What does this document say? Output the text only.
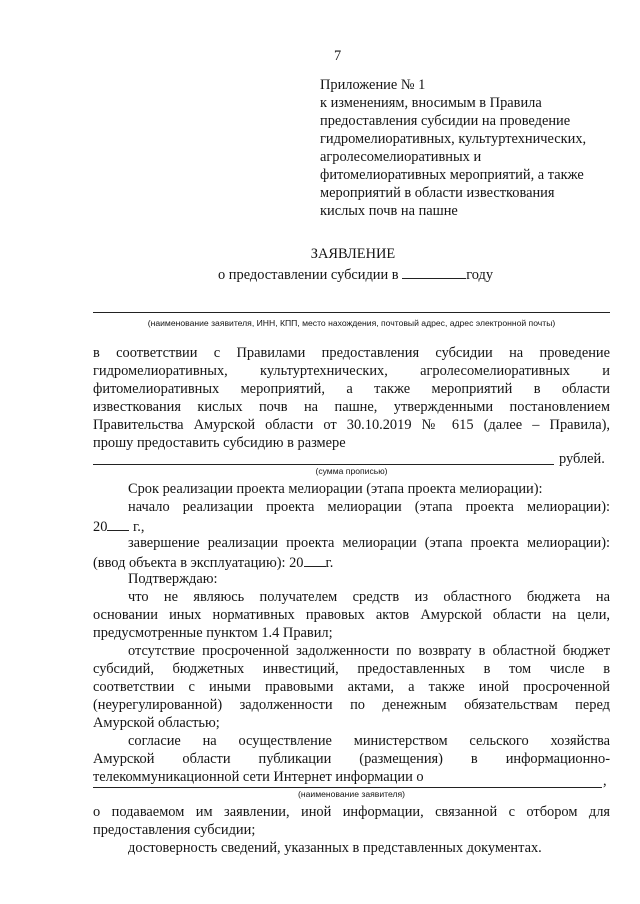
7
Приложение № 1
к изменениям, вносимым в Правила
предоставления субсидии на проведение
гидромелиоративных, культуртехнических,
агролесомелиоративных и
фитомелиоративных мероприятий, а также
мероприятий в области известкования
кислых почв на пашне
ЗАЯВЛЕНИЕ
о предоставлении субсидии в	году
(наименование заявителя, ИНН, КПП, место нахождения, почтовый адрес, адрес электронной почты)
в соответствии с Правилами предоставления субсидии на проведение
гидромелиоративных, культуртехнических, агролесомелиоративных и
фитомелиоративных мероприятий, а также мероприятий в области
известкования кислых почв на пашне, утвержденными постановлением
Правительства Амурской области от 30.10.2019 № 615 (далее – Правила),
прошу предоставить субсидию в размере
рублей.
(сумма прописью)
Срок реализации проекта мелиорации (этапа проекта мелиорации):
начало реализации проекта мелиорации (этапа проекта мелиорации):
20 г.,
завершение реализации проекта мелиорации (этапа проекта мелиорации):
(ввод объекта в эксплуатацию): 20 г.
Подтверждаю:
что не являюсь получателем средств из областного бюджета на
основании иных нормативных правовых актов Амурской области на цели,
предусмотренные пунктом 1.4 Правил;
отсутствие просроченной задолженности по возврату в областной бюджет
субсидий, бюджетных инвестиций, предоставленных в том числе в
соответствии с иными правовыми актами, а также иной просроченной
(неурегулированной) задолженности по денежным обязательствам перед
Амурской областью;
согласие на осуществление министерством сельского хозяйства
Амурской области публикации (размещения) в информационно-
телекоммуникационной сети Интернет информации о	,
(наименование заявителя)
о подаваемом им заявлении, иной информации, связанной с отбором для
предоставления субсидии;
достоверность сведений, указанных в представленных документах.
